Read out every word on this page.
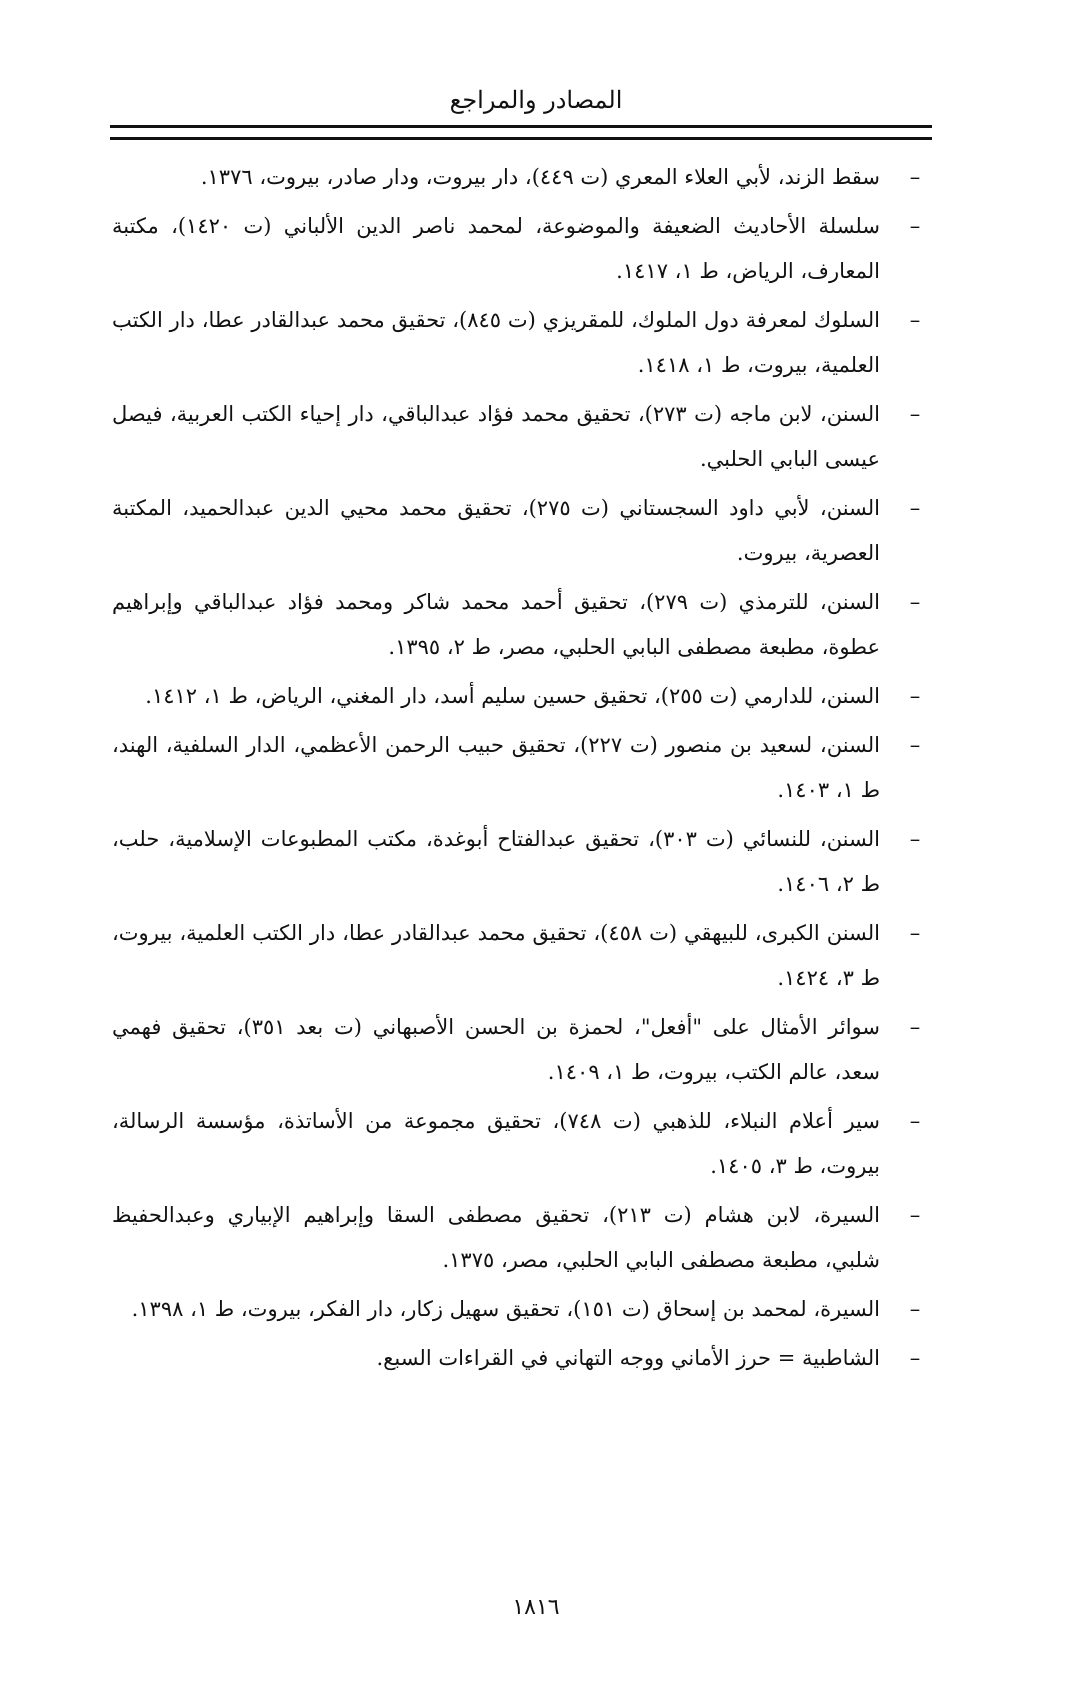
المصادر والمراجع
–
سقط الزند، لأبي العلاء المعري (ت ٤٤٩)، دار بيروت، ودار صادر، بيروت، ١٣٧٦.
–
سلسلة الأحاديث الضعيفة والموضوعة، لمحمد ناصر الدين الألباني (ت ١٤٢٠)، مكتبة المعارف، الرياض، ط ١، ١٤١٧.
–
السلوك لمعرفة دول الملوك، للمقريزي (ت ٨٤٥)، تحقيق محمد عبدالقادر عطا، دار الكتب العلمية، بيروت، ط ١، ١٤١٨.
–
السنن، لابن ماجه (ت ٢٧٣)، تحقيق محمد فؤاد عبدالباقي، دار إحياء الكتب العربية، فيصل عيسى البابي الحلبي.
–
السنن، لأبي داود السجستاني (ت ٢٧٥)، تحقيق محمد محيي الدين عبدالحميد، المكتبة العصرية، بيروت.
–
السنن، للترمذي (ت ٢٧٩)، تحقيق أحمد محمد شاكر ومحمد فؤاد عبدالباقي وإبراهيم عطوة، مطبعة مصطفى البابي الحلبي، مصر، ط ٢، ١٣٩٥.
–
السنن، للدارمي (ت ٢٥٥)، تحقيق حسين سليم أسد، دار المغني، الرياض، ط ١، ١٤١٢.
–
السنن، لسعيد بن منصور (ت ٢٢٧)، تحقيق حبيب الرحمن الأعظمي، الدار السلفية، الهند، ط ١، ١٤٠٣.
–
السنن، للنسائي (ت ٣٠٣)، تحقيق عبدالفتاح أبوغدة، مكتب المطبوعات الإسلامية، حلب، ط ٢، ١٤٠٦.
–
السنن الكبرى، للبيهقي (ت ٤٥٨)، تحقيق محمد عبدالقادر عطا، دار الكتب العلمية، بيروت، ط ٣، ١٤٢٤.
–
سوائر الأمثال على "أفعل"، لحمزة بن الحسن الأصبهاني (ت بعد ٣٥١)، تحقيق فهمي سعد، عالم الكتب، بيروت، ط ١، ١٤٠٩.
–
سير أعلام النبلاء، للذهبي (ت ٧٤٨)، تحقيق مجموعة من الأساتذة، مؤسسة الرسالة، بيروت، ط ٣، ١٤٠٥.
–
السيرة، لابن هشام (ت ٢١٣)، تحقيق مصطفى السقا وإبراهيم الإبياري وعبدالحفيظ شلبي، مطبعة مصطفى البابي الحلبي، مصر، ١٣٧٥.
–
السيرة، لمحمد بن إسحاق (ت ١٥١)، تحقيق سهيل زكار، دار الفكر، بيروت، ط ١، ١٣٩٨.
–
الشاطبية = حرز الأماني ووجه التهاني في القراءات السبع.
١٨١٦
